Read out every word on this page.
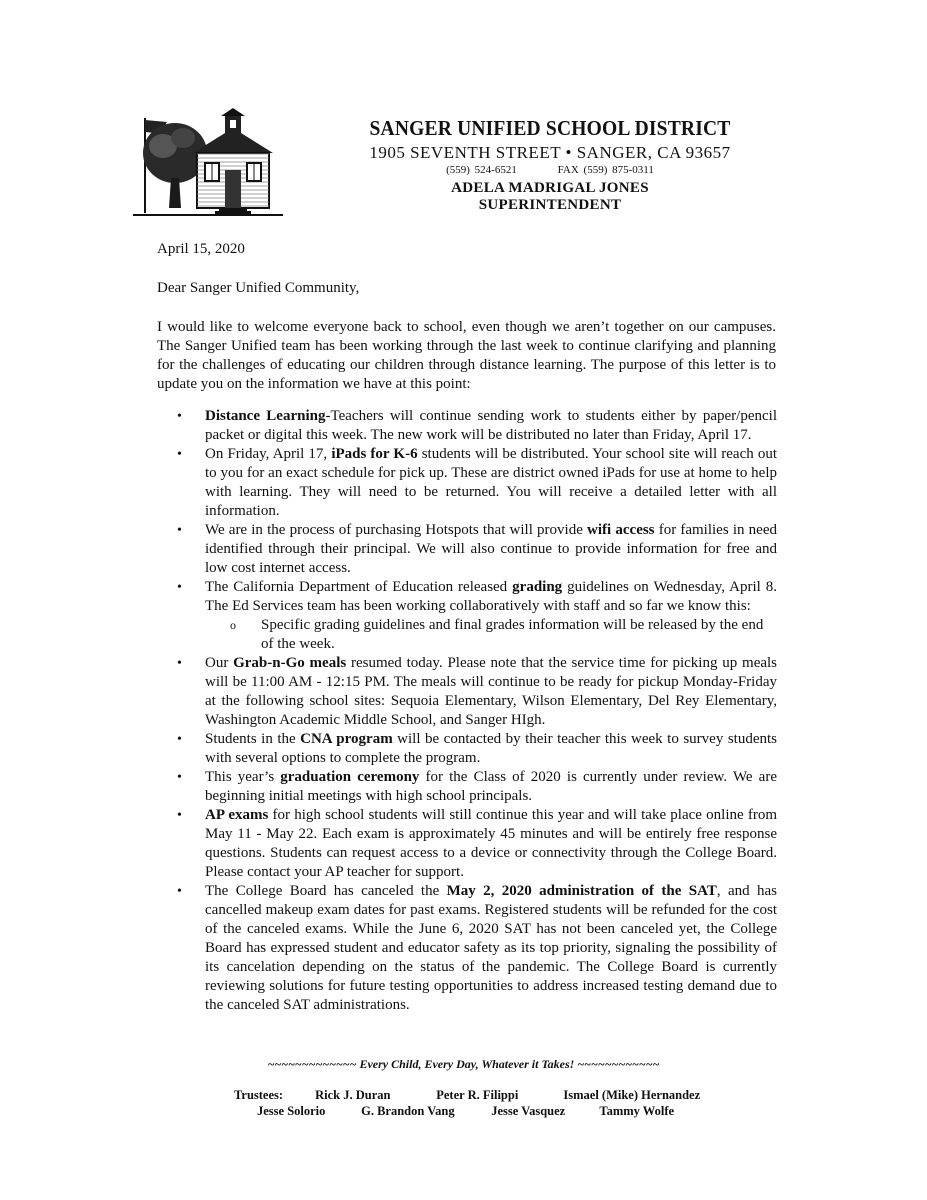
SANGER UNIFIED SCHOOL DISTRICT
1905 SEVENTH STREET • SANGER, CA 93657
(559) 524-6521	FAX (559) 875-0311
ADELA MADRIGAL JONES
SUPERINTENDENT
April 15, 2020
Dear Sanger Unified Community,

I would like to welcome everyone back to school, even though we aren’t together on our campuses. The Sanger Unified team has been working through the last week to continue clarifying and planning for the challenges of educating our children through distance learning. The purpose of this letter is to update you on the information we have at this point:

• Distance Learning-Teachers will continue sending work to students either by paper/pencil packet or digital this week. The new work will be distributed no later than Friday, April 17.
• On Friday, April 17, iPads for K-6 students will be distributed. Your school site will reach out to you for an exact schedule for pick up. These are district owned iPads for use at home to help with learning. They will need to be returned. You will receive a detailed letter with all information.
• We are in the process of purchasing Hotspots that will provide wifi access for families in need identified through their principal. We will also continue to provide information for free and low cost internet access.
• The California Department of Education released grading guidelines on Wednesday, April 8. The Ed Services team has been working collaboratively with staff and so far we know this:
o Specific grading guidelines and final grades information will be released by the end of the week.
• Our Grab-n-Go meals resumed today. Please note that the service time for picking up meals will be 11:00 AM - 12:15 PM. The meals will continue to be ready for pickup Monday-Friday at the following school sites: Sequoia Elementary, Wilson Elementary, Del Rey Elementary, Washington Academic Middle School, and Sanger HIgh.
• Students in the CNA program will be contacted by their teacher this week to survey students with several options to complete the program.
• This year’s graduation ceremony for the Class of 2020 is currently under review. We are beginning initial meetings with high school principals.
• AP exams for high school students will still continue this year and will take place online from May 11 - May 22. Each exam is approximately 45 minutes and will be entirely free response questions. Students can request access to a device or connectivity through the College Board. Please contact your AP teacher for support.
• The College Board has canceled the May 2, 2020 administration of the SAT, and has cancelled makeup exam dates for past exams. Registered students will be refunded for the cost of the canceled exams. While the June 6, 2020 SAT has not been canceled yet, the College Board has expressed student and educator safety as its top priority, signaling the possibility of its cancelation depending on the status of the pandemic. The College Board is currently reviewing solutions for future testing opportunities to address increased testing demand due to the canceled SAT administrations.
~~~~~~~~~~~~~ Every Child, Every Day, Whatever it Takes! ~~~~~~~~~~~~
Trustees:	Rick J. Duran	Peter R. Filippi	Ismael (Mike) Hernandez
Jesse Solorio	G. Brandon Vang	Jesse Vasquez	Tammy Wolfe
